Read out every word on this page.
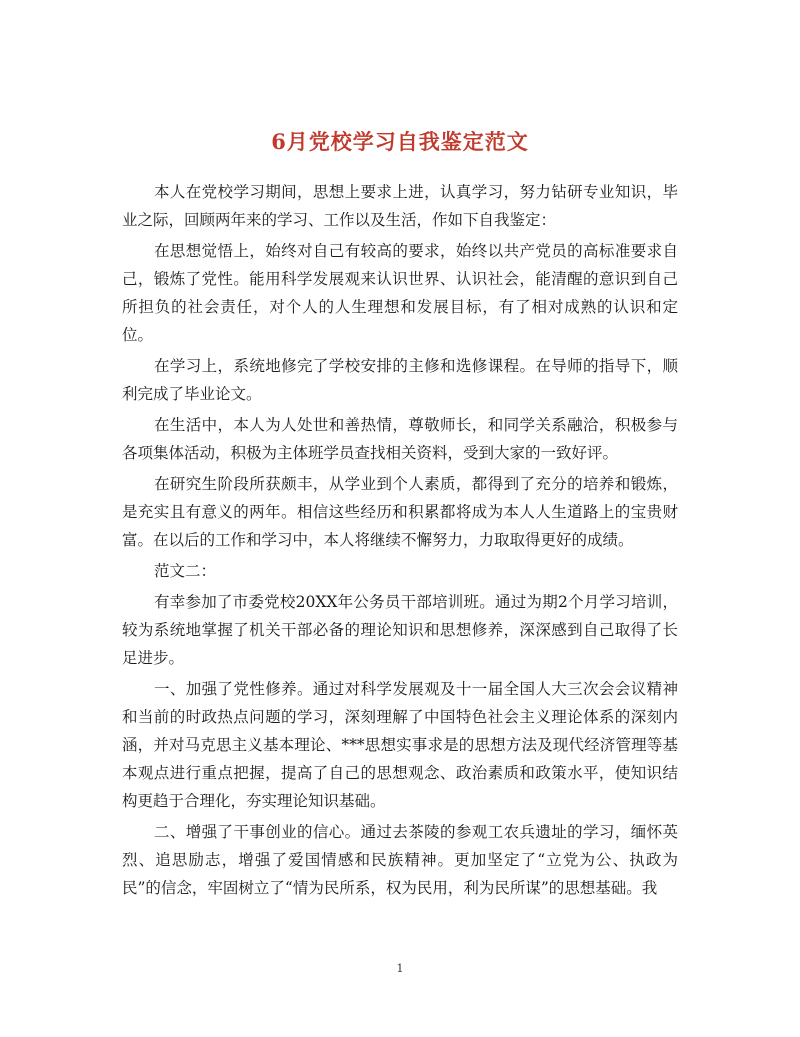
6月党校学习自我鉴定范文

本人在党校学习期间，思想上要求上进，认真学习，努力钻研专业知识，毕业之际，回顾两年来的学习、工作以及生活，作如下自我鉴定：

在思想觉悟上，始终对自己有较高的要求，始终以共产党员的高标准要求自己，锻炼了党性。能用科学发展观来认识世界、认识社会，能清醒的意识到自己所担负的社会责任，对个人的人生理想和发展目标，有了相对成熟的认识和定位。

在学习上，系统地修完了学校安排的主修和选修课程。在导师的指导下，顺利完成了毕业论文。

在生活中，本人为人处世和善热情，尊敬师长，和同学关系融洽，积极参与各项集体活动，积极为主体班学员查找相关资料，受到大家的一致好评。

在研究生阶段所获颇丰，从学业到个人素质，都得到了充分的培养和锻炼，是充实且有意义的两年。相信这些经历和积累都将成为本人人生道路上的宝贵财富。在以后的工作和学习中，本人将继续不懈努力，力取取得更好的成绩。

范文二：

有幸参加了市委党校20XX年公务员干部培训班。通过为期2个月学习培训，较为系统地掌握了机关干部必备的理论知识和思想修养，深深感到自己取得了长足进步。

一、加强了党性修养。通过对科学发展观及十一届全国人大三次会会议精神和当前的时政热点问题的学习，深刻理解了中国特色社会主义理论体系的深刻内涵，并对马克思主义基本理论、***思想实事求是的思想方法及现代经济管理等基本观点进行重点把握，提高了自己的思想观念、政治素质和政策水平，使知识结构更趋于合理化，夯实理论知识基础。

二、增强了干事创业的信心。通过去茶陵的参观工农兵遗址的学习，缅怀英烈、追思励志，增强了爱国情感和民族精神。更加坚定了“立党为公、执政为民”的信念，牢固树立了“情为民所系，权为民用，利为民所谋”的思想基础。我

1
